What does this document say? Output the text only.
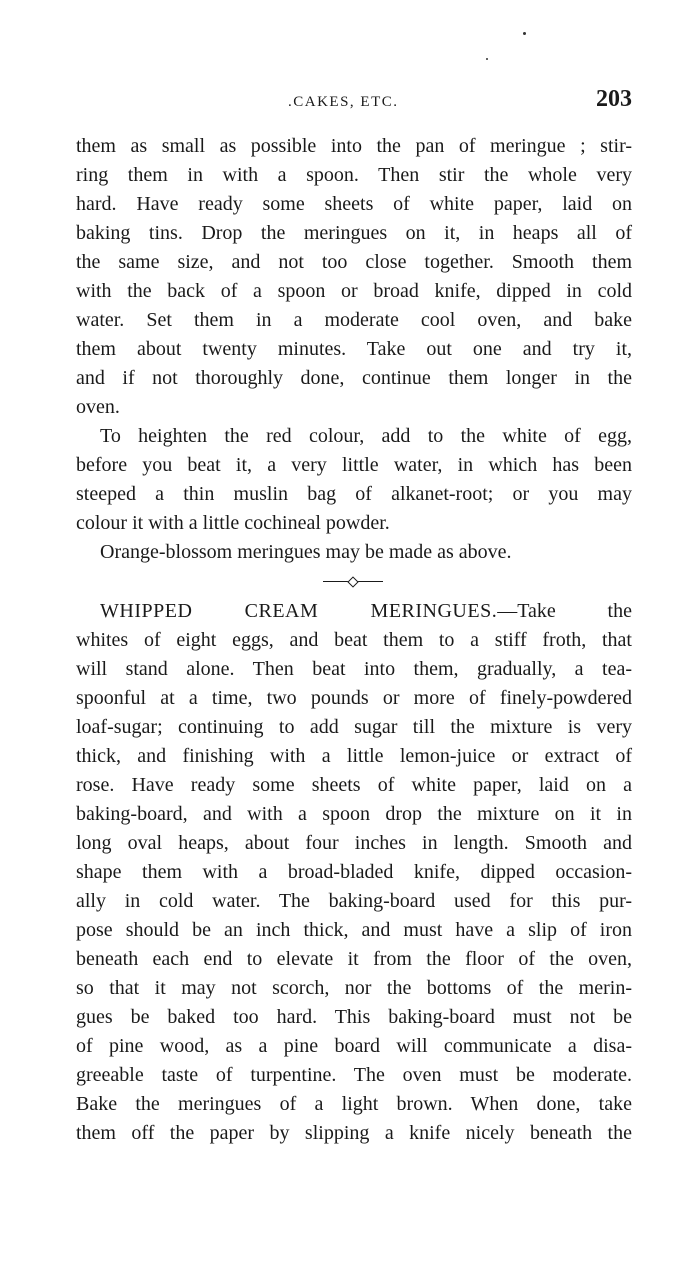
.CAKES, ETC.	203
them as small as possible into the pan of meringue ; stir-
ring them in with a spoon. Then stir the whole very
hard. Have ready some sheets of white paper, laid on
baking tins. Drop the meringues on it, in heaps all of
the same size, and not too close together. Smooth them
with the back of a spoon or broad knife, dipped in cold
water. Set them in a moderate cool oven, and bake
them about twenty minutes. Take out one and try it,
and if not thoroughly done, continue them longer in the
oven.
To heighten the red colour, add to the white of egg,
before you beat it, a very little water, in which has been
steeped a thin muslin bag of alkanet-root; or you may
colour it with a little cochineal powder.
Orange-blossom meringues may be made as above.
WHIPPED CREAM MERINGUES.—Take the
whites of eight eggs, and beat them to a stiff froth, that
will stand alone. Then beat into them, gradually, a tea-
spoonful at a time, two pounds or more of finely-powdered
loaf-sugar; continuing to add sugar till the mixture is very
thick, and finishing with a little lemon-juice or extract of
rose. Have ready some sheets of white paper, laid on a
baking-board, and with a spoon drop the mixture on it in
long oval heaps, about four inches in length. Smooth and
shape them with a broad-bladed knife, dipped occasion-
ally in cold water. The baking-board used for this pur-
pose should be an inch thick, and must have a slip of iron
beneath each end to elevate it from the floor of the oven,
so that it may not scorch, nor the bottoms of the merin-
gues be baked too hard. This baking-board must not be
of pine wood, as a pine board will communicate a disa-
greeable taste of turpentine. The oven must be moderate.
Bake the meringues of a light brown. When done, take
them off the paper by slipping a knife nicely beneath the
